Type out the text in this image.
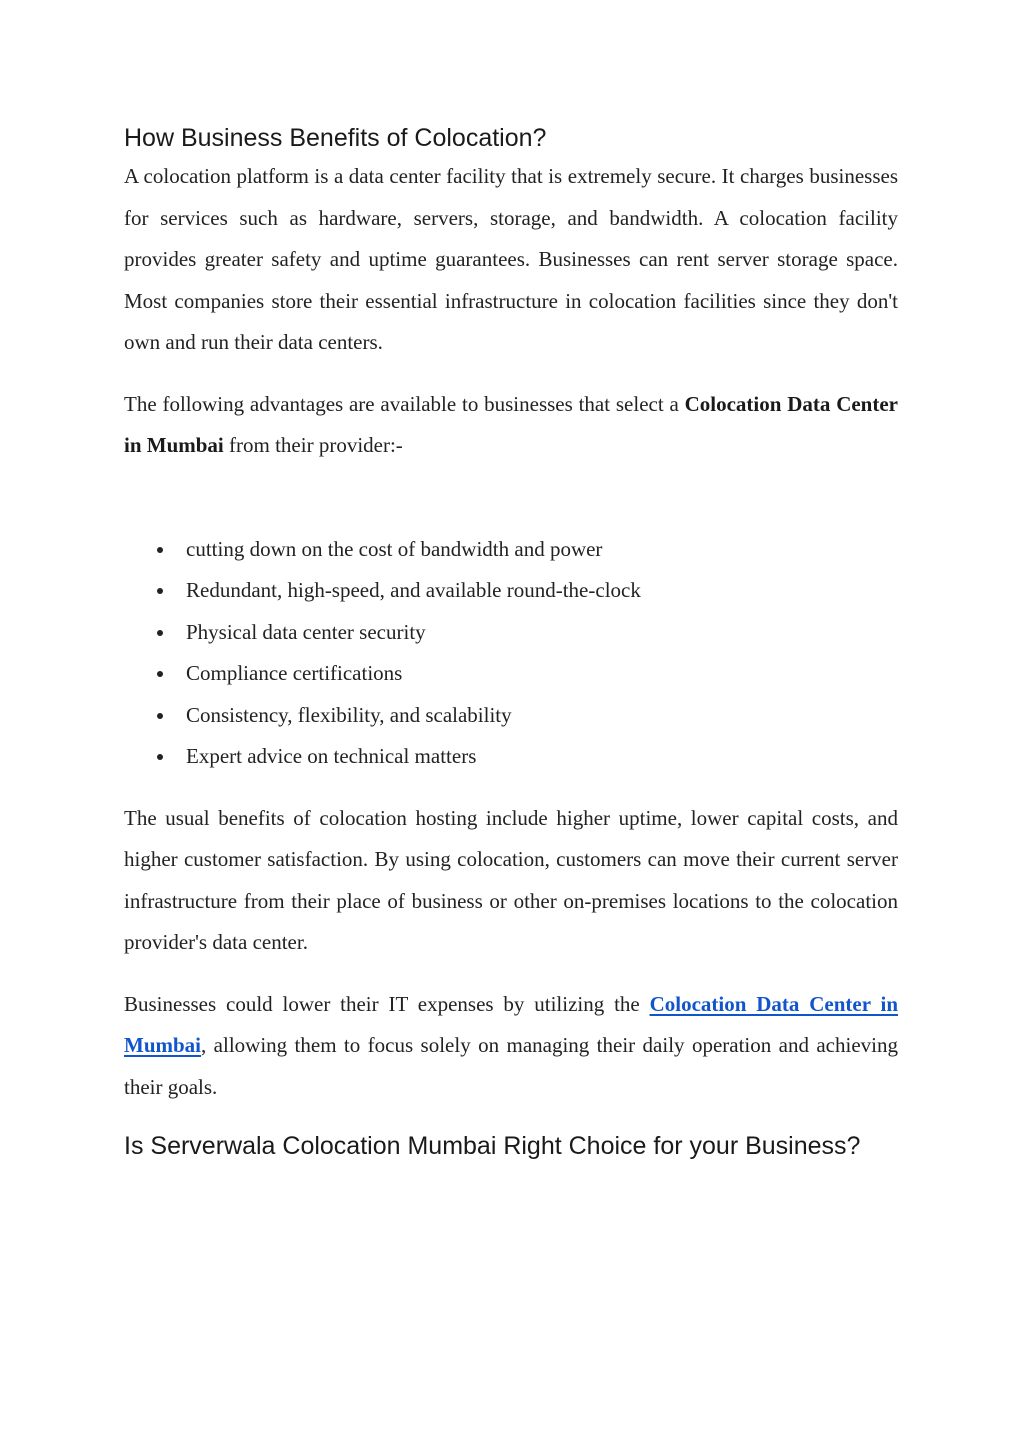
How Business Benefits of Colocation?

A colocation platform is a data center facility that is extremely secure. It charges businesses for services such as hardware, servers, storage, and bandwidth. A colocation facility provides greater safety and uptime guarantees. Businesses can rent server storage space. Most companies store their essential infrastructure in colocation facilities since they don't own and run their data centers.

The following advantages are available to businesses that select a Colocation Data Center in Mumbai from their provider:-

cutting down on the cost of bandwidth and power
Redundant, high-speed, and available round-the-clock
Physical data center security
Compliance certifications
Consistency, flexibility, and scalability
Expert advice on technical matters

The usual benefits of colocation hosting include higher uptime, lower capital costs, and higher customer satisfaction. By using colocation, customers can move their current server infrastructure from their place of business or other on-premises locations to the colocation provider's data center.

Businesses could lower their IT expenses by utilizing the Colocation Data Center in Mumbai, allowing them to focus solely on managing their daily operation and achieving their goals.

Is Serverwala Colocation Mumbai Right Choice for your Business?
